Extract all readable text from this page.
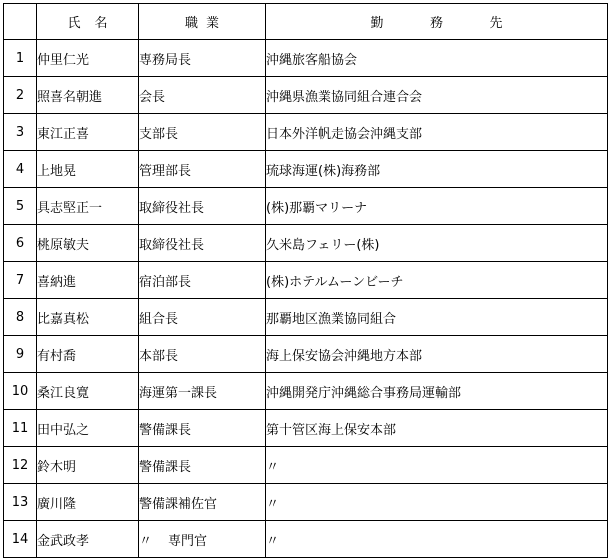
	氏 名	職 業	勤 務 先

1	仲里仁光	専務局長	沖縄旅客船協会
2	照喜名朝進	会長	沖縄県漁業協同組合連合会
3	東江正喜	支部長	日本外洋帆走協会沖縄支部
4	上地晃	管理部長	琉球海運(株)海務部
5	具志堅正一	取締役社長	(株)那覇マリーナ
6	桃原敏夫	取締役社長	久米島フェリー(株)
7	喜納進	宿泊部長	(株)ホテルムーンビーチ
8	比嘉真松	組合長	那覇地区漁業協同組合
9	有村喬	本部長	海上保安協会沖縄地方本部
10	桑江良寛	海運第一課長	沖縄開発庁沖縄総合事務局運輸部
11	田中弘之	警備課長	第十管区海上保安本部
12	鈴木明	警備課長	〃
13	廣川隆	警備課補佐官	〃
14	金武政孝	〃 専門官	〃
